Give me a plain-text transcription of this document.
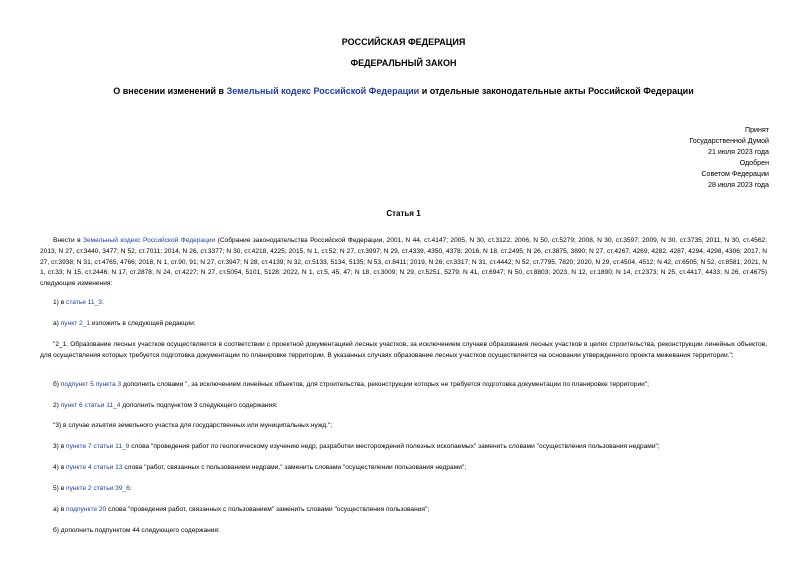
РОССИЙСКАЯ ФЕДЕРАЦИЯ
ФЕДЕРАЛЬНЫЙ ЗАКОН
О внесении изменений в Земельный кодекс Российской Федерации и отдельные законодательные акты Российской Федерации
Принят
Государственной Думой
21 июля 2023 года
Одобрен
Советом Федерации
28 июля 2023 года
Статья 1
Внести в Земельный кодекс Российской Федерации (Собрание законодательства Российской Федерации, 2001, N 44, ст.4147; 2005, N 30, ст.3122; 2006, N 50, ст.5279; 2008, N 30, ст.3597; 2009, N 30, ст.3735; 2011, N 30, ст.4562; 2013, N 27, ст.3440, 3477; N 52, ст.7011; 2014, N 26, ст.3377; N 30, ст.4218, 4225; 2015, N 1, ст.52; N 27, ст.3997; N 29, ст.4339, 4350, 4378; 2016, N 18, ст.2495; N 26, ст.3875, 3890; N 27, ст.4267, 4269, 4282, 4287, 4294, 4298, 4306; 2017, N 27, ст.3938; N 31, ст.4765, 4766; 2018, N 1, ст.90, 91; N 27, ст.3947; N 28, ст.4139; N 32, ст.5133, 5134, 5135; N 53, ст.8411; 2019, N 26, ст.3317; N 31, ст.4442; N 52, ст.7795, 7820; 2020, N 29, ст.4504, 4512; N 42, ст.6505; N 52, ст.8581; 2021, N 1, ст.33; N 15, ст.2446; N 17, ст.2878; N 24, ст.4227; N 27, ст.5054, 5101, 5128; 2022, N 1, ст.5, 45, 47; N 18, ст.3009; N 29, ст.5251, 5279; N 41, ст.6947; N 50, ст.8803; 2023, N 12, ст.1890; N 14, ст.2373; N 25, ст.4417, 4433; N 26, ст.4675) следующие изменения:
1) в статье 11_3:
а) пункт 2_1 изложить в следующей редакции:
"2_1. Образование лесных участков осуществляется в соответствии с проектной документацией лесных участков, за исключением случаев образования лесных участков в целях строительства, реконструкции линейных объектов, для осуществления которых требуется подготовка документации по планировке территории. В указанных случаях образование лесных участков осуществляется на основании утвержденного проекта межевания территории.";
б) подпункт 5 пункта 3 дополнить словами ", за исключением линейных объектов, для строительства, реконструкции которых не требуется подготовка документации по планировке территории";
2) пункт 6 статьи 11_4 дополнить подпунктом 3 следующего содержания:
"3) в случае изъятия земельного участка для государственных или муниципальных нужд.";
3) в пункте 7 статьи 11_9 слова "проведения работ по геологическому изучению недр, разработки месторождений полезных ископаемых" заменить словами "осуществления пользования недрами";
4) в пункте 4 статьи 13 слова "работ, связанных с пользованием недрами," заменить словами "осуществлении пользования недрами";
5) в пункте 2 статьи 39_6:
а) в подпункте 20 слова "проведения работ, связанных с пользованием" заменить словами "осуществления пользования";
б) дополнить подпунктом 44 следующего содержания:
